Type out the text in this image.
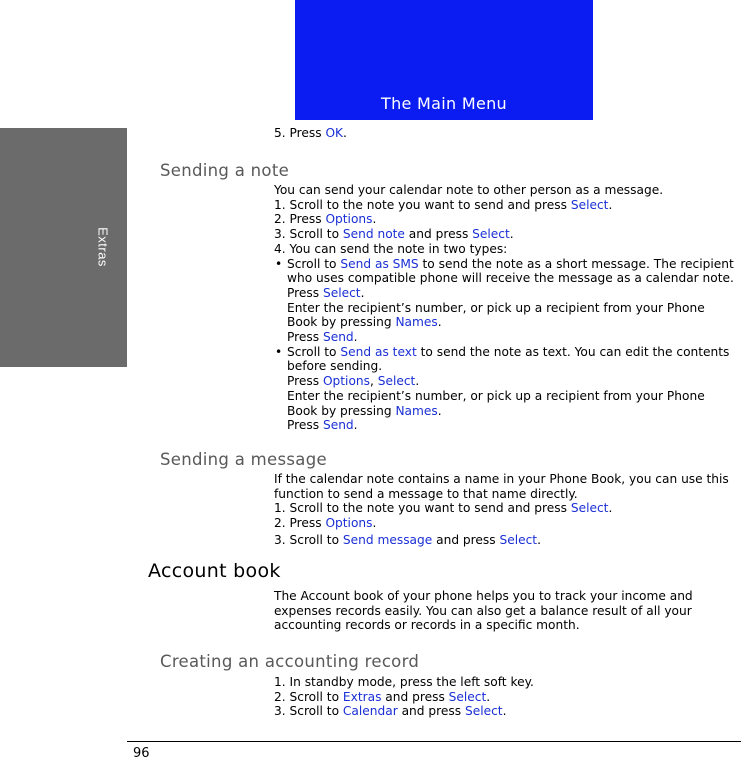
Extras
The Main Menu

5. Press OK.

Sending a note

You can send your calendar note to other person as a message.

1. Scroll to the note you want to send and press Select.

2. Press Options.

3. Scroll to Send note and press Select.

4. You can send the note in two types:

• Scroll to Send as SMS to send the note as a short message. The recipient who uses compatible phone will receive the message as a calendar note.

Press Select.

Enter the recipient’s number, or pick up a recipient from your Phone Book by pressing Names.

Press Send.

• Scroll to Send as text to send the note as text. You can edit the contents before sending.

Press Options, Select.

Enter the recipient’s number, or pick up a recipient from your Phone Book by pressing Names.

Press Send.

Sending a message

If the calendar note contains a name in your Phone Book, you can use this function to send a message to that name directly.

1. Scroll to the note you want to send and press Select.

2. Press Options.

3. Scroll to Send message and press Select.

Account book

The Account book of your phone helps you to track your income and expenses records easily. You can also get a balance result of all your accounting records or records in a specific month.

Creating an accounting record

1. In standby mode, press the left soft key.

2. Scroll to Extras and press Select.

3. Scroll to Calendar and press Select.

96
